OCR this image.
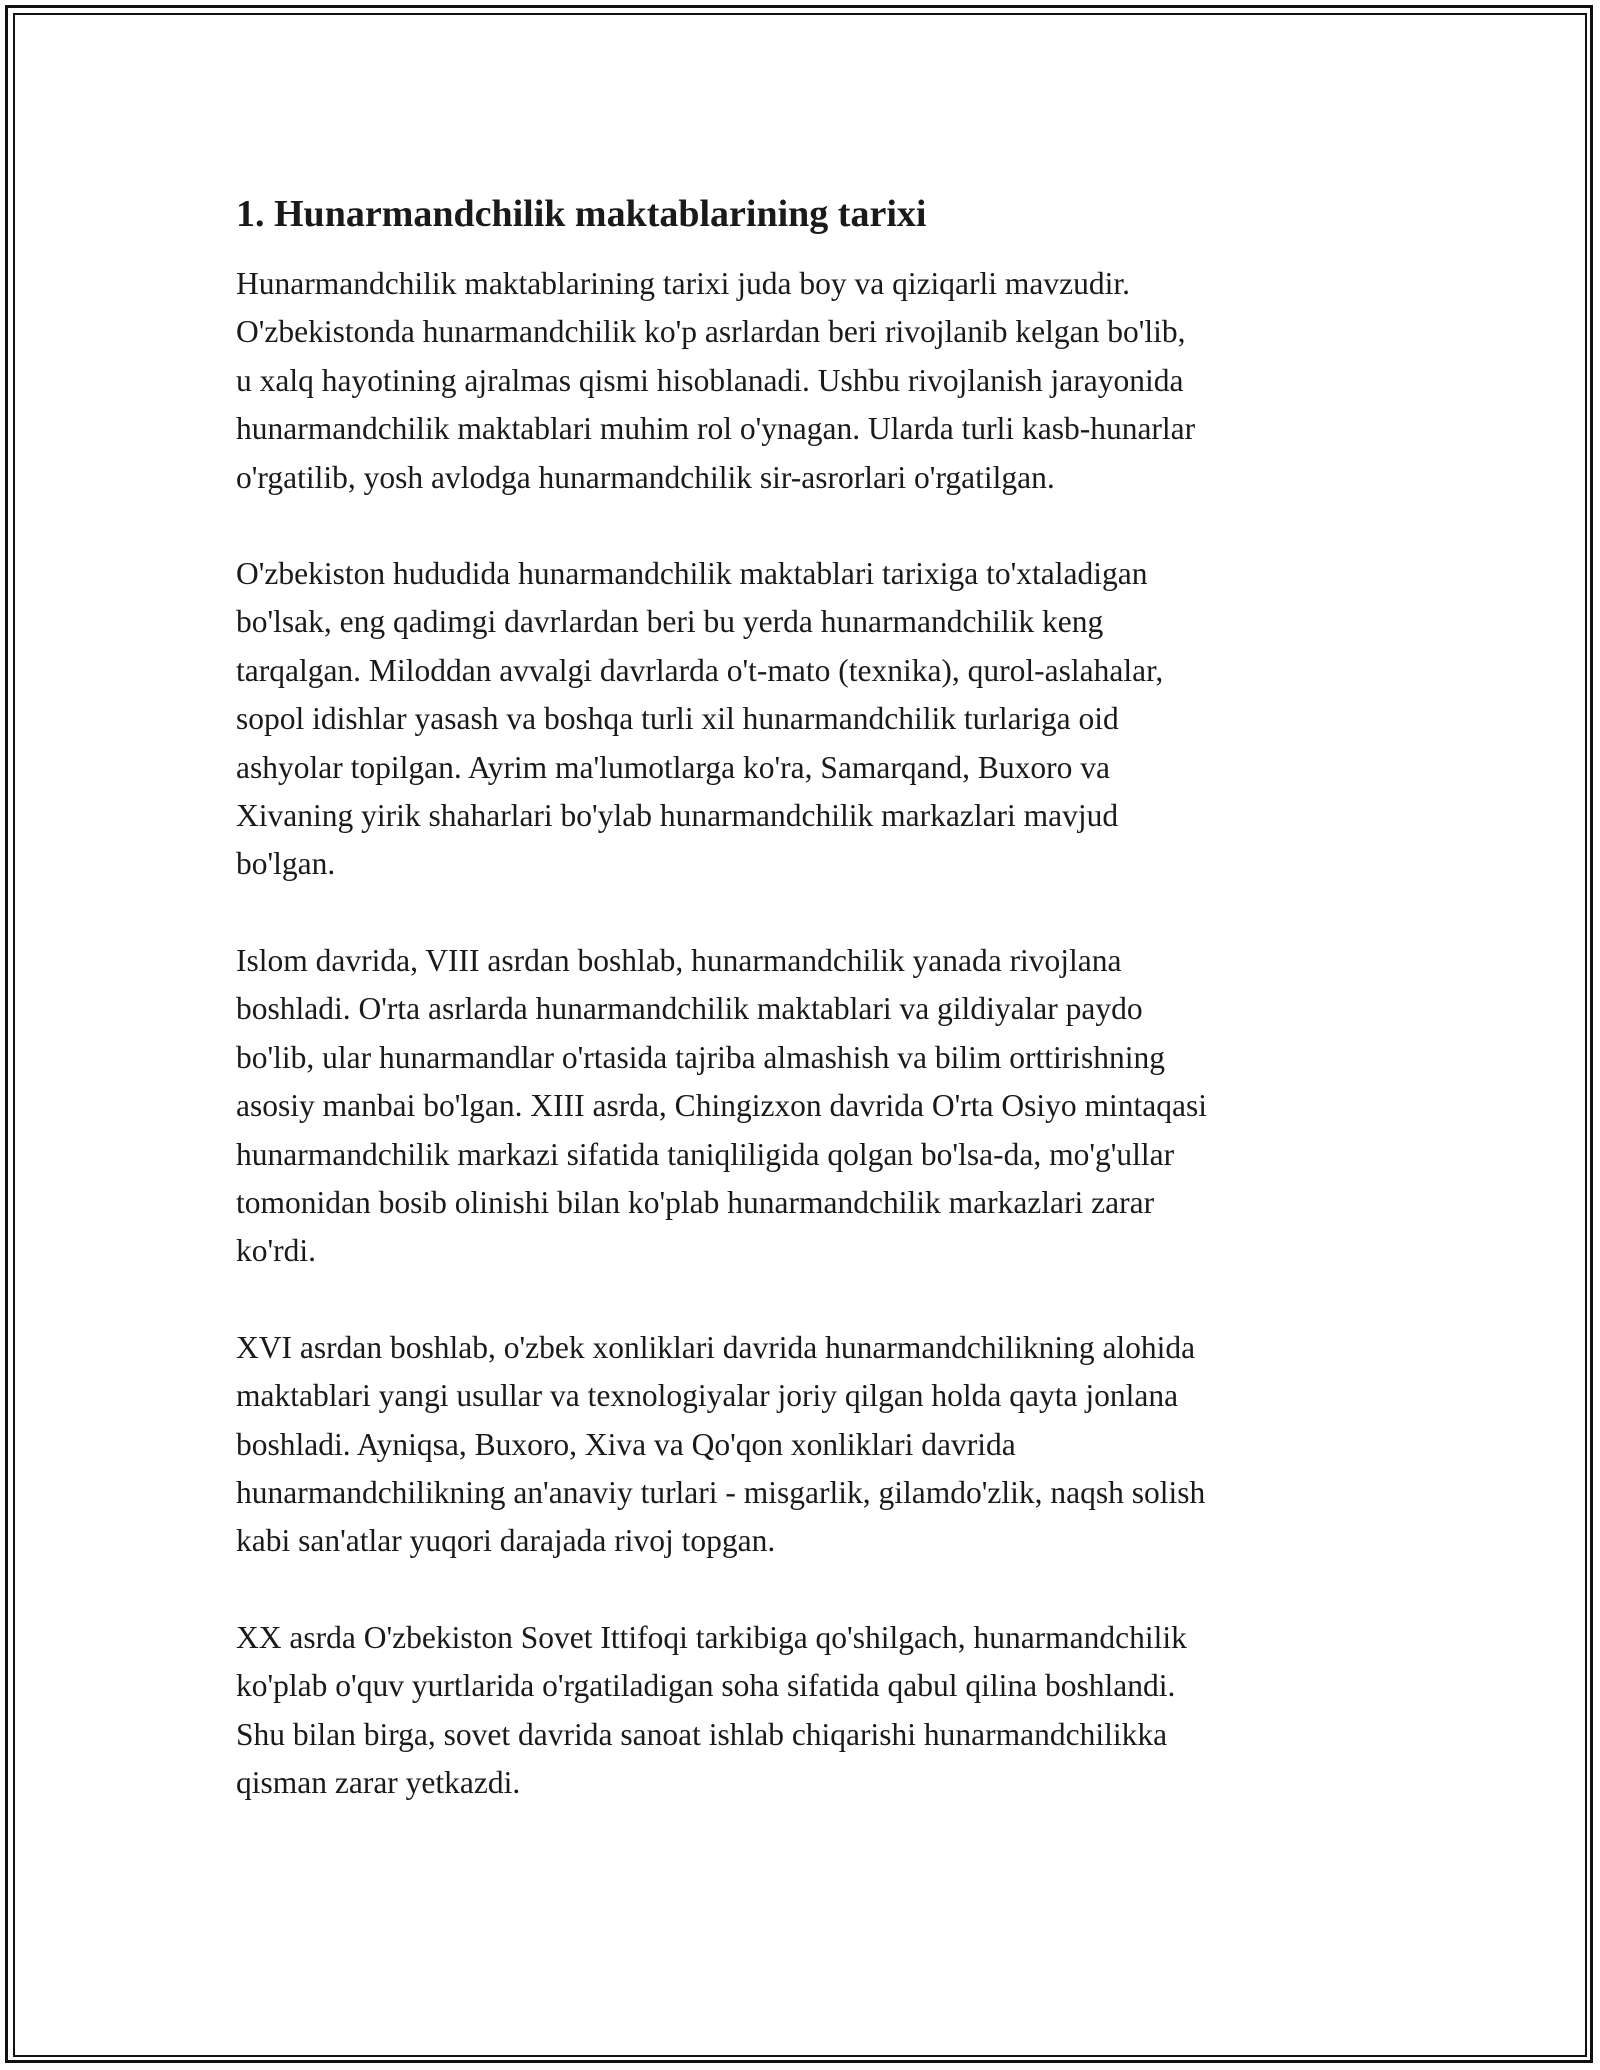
1. Hunarmandchilik maktablarining tarixi

Hunarmandchilik maktablarining tarixi juda boy va qiziqarli mavzudir.
O'zbekistonda hunarmandchilik ko'p asrlardan beri rivojlanib kelgan bo'lib,
u xalq hayotining ajralmas qismi hisoblanadi. Ushbu rivojlanish jarayonida
hunarmandchilik maktablari muhim rol o'ynagan. Ularda turli kasb-hunarlar
o'rgatilib, yosh avlodga hunarmandchilik sir-asrorlari o'rgatilgan.

O'zbekiston hududida hunarmandchilik maktablari tarixiga to'xtaladigan
bo'lsak, eng qadimgi davrlardan beri bu yerda hunarmandchilik keng
tarqalgan. Miloddan avvalgi davrlarda o't-mato (texnika), qurol-aslahalar,
sopol idishlar yasash va boshqa turli xil hunarmandchilik turlariga oid
ashyolar topilgan. Ayrim ma'lumotlarga ko'ra, Samarqand, Buxoro va
Xivaning yirik shaharlari bo'ylab hunarmandchilik markazlari mavjud
bo'lgan.

Islom davrida, VIII asrdan boshlab, hunarmandchilik yanada rivojlana
boshladi. O'rta asrlarda hunarmandchilik maktablari va gildiyalar paydo
bo'lib, ular hunarmandlar o'rtasida tajriba almashish va bilim orttirishning
asosiy manbai bo'lgan. XIII asrda, Chingizxon davrida O'rta Osiyo mintaqasi
hunarmandchilik markazi sifatida taniqliligida qolgan bo'lsa-da, mo'g'ullar
tomonidan bosib olinishi bilan ko'plab hunarmandchilik markazlari zarar
ko'rdi.

XVI asrdan boshlab, o'zbek xonliklari davrida hunarmandchilikning alohida
maktablari yangi usullar va texnologiyalar joriy qilgan holda qayta jonlana
boshladi. Ayniqsa, Buxoro, Xiva va Qo'qon xonliklari davrida
hunarmandchilikning an'anaviy turlari - misgarlik, gilamdo'zlik, naqsh solish
kabi san'atlar yuqori darajada rivoj topgan.

XX asrda O'zbekiston Sovet Ittifoqi tarkibiga qo'shilgach, hunarmandchilik
ko'plab o'quv yurtlarida o'rgatiladigan soha sifatida qabul qilina boshlandi.
Shu bilan birga, sovet davrida sanoat ishlab chiqarishi hunarmandchilikka
qisman zarar yetkazdi.
